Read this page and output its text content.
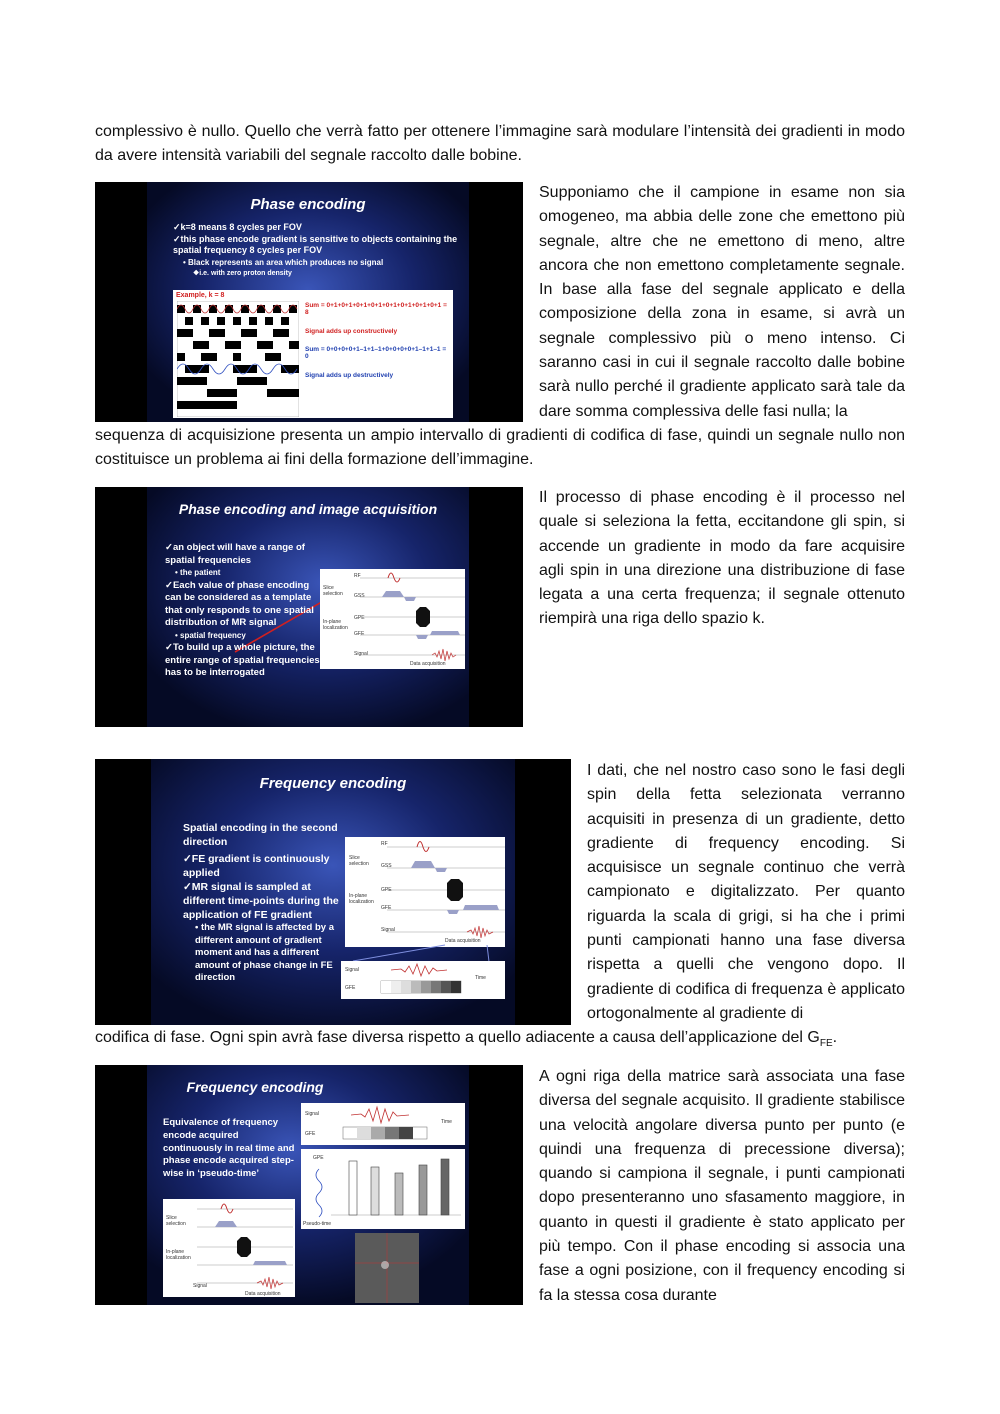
complessivo è nullo. Quello che verrà fatto per ottenere l’immagine sarà modulare l’intensità dei gradienti in modo da avere intensità variabili del segnale raccolto dalle bobine.
Phase encoding
✓k=8 means 8 cycles per FOV
✓this phase encode gradient is sensitive to objects containing the spatial frequency 8 cycles per FOV
• Black represents an area which produces no signal
❖i.e. with zero proton density
Example, k = 8
Sum = 0+1+0+1+0+1+0+1+0+1+0+1+0+1+0+1 = 8
Signal adds up constructively
Sum = 0+0+0+0+1–1+1–1+0+0+0+0+1–1+1–1 = 0
Signal adds up destructively
Supponiamo che il campione in esame non sia omogeneo, ma abbia delle zone che emettono più segnale, altre che ne emettono di meno, altre ancora che non emettono completamente segnale. In base alla fase del segnale applicato e della composizione della zona in esame, si avrà un segnale complessivo più o meno intenso. Ci saranno casi in cui il segnale raccolto dalle bobine sarà nullo perché il gradiente applicato sarà tale da dare somma complessiva delle fasi nulla; la
sequenza di acquisizione presenta un ampio intervallo di gradienti di codifica di fase, quindi un segnale nullo non costituisce un problema ai fini della formazione dell’immagine.
Phase encoding and image acquisition
✓an object will have a range of spatial frequencies
• the patient
✓Each value of phase encoding can be considered as a template that only responds to one spatial distribution of MR signal
• spatial frequency
✓To build up a whole picture, the entire range of spatial frequencies has to be interrogated
Slice selection
In-plane localization
RF
GSS
GPE
GFE
Signal
Data acquisition
Il processo di phase encoding è il processo nel quale si seleziona la fetta, eccitandone gli spin, si accende un gradiente in modo da fare acquisire agli spin in una direzione una distribuzione di fase legata a una certa frequenza; il segnale ottenuto riempirà una riga dello spazio k.
Frequency encoding
Spatial encoding in the second direction
✓FE gradient is continuously applied
✓MR signal is sampled at different time-points during the application of FE gradient
• the MR signal is affected by a different amount of gradient moment and has a different amount of phase change in FE direction
Slice selection
In-plane localization
RF
GSS
GPE
GFE
Signal
Data acquisition
Signal
GFE
Time
I dati, che nel nostro caso sono le fasi degli spin della fetta selezionata verranno acquisiti in presenza di un gradiente, detto gradiente di frequency encoding. Si acquisisce un segnale continuo che verrà campionato e digitalizzato. Per quanto riguarda la scala di grigi, si ha che i primi punti campionati hanno una fase diversa rispetta a quelli che vengono dopo. Il gradiente di codifica di frequenza è applicato ortogonalmente al gradiente di
codifica di fase. Ogni spin avrà fase diversa rispetto a quello adiacente a causa dell’applicazione del $G_{FE}$.
Frequency encoding
Equivalence of frequency encode acquired continuously in real time and phase encode acquired step-wise in ‘pseudo-time’
Signal
GFE
Time
GPE
Pseudo-time
Slice selection
In-plane localization
Signal
Data acquisition
A ogni riga della matrice sarà associata una fase diversa del segnale acquisito. Il gradiente stabilisce una velocità angolare diversa punto per punto (e quindi una frequenza di precessione diversa); quando si campiona il segnale, i punti campionati dopo presenteranno uno sfasamento maggiore, in quanto in questi il gradiente è stato applicato per più tempo. Con il phase encoding si associa una fase a ogni posizione, con il frequency encoding si fa la stessa cosa durante
